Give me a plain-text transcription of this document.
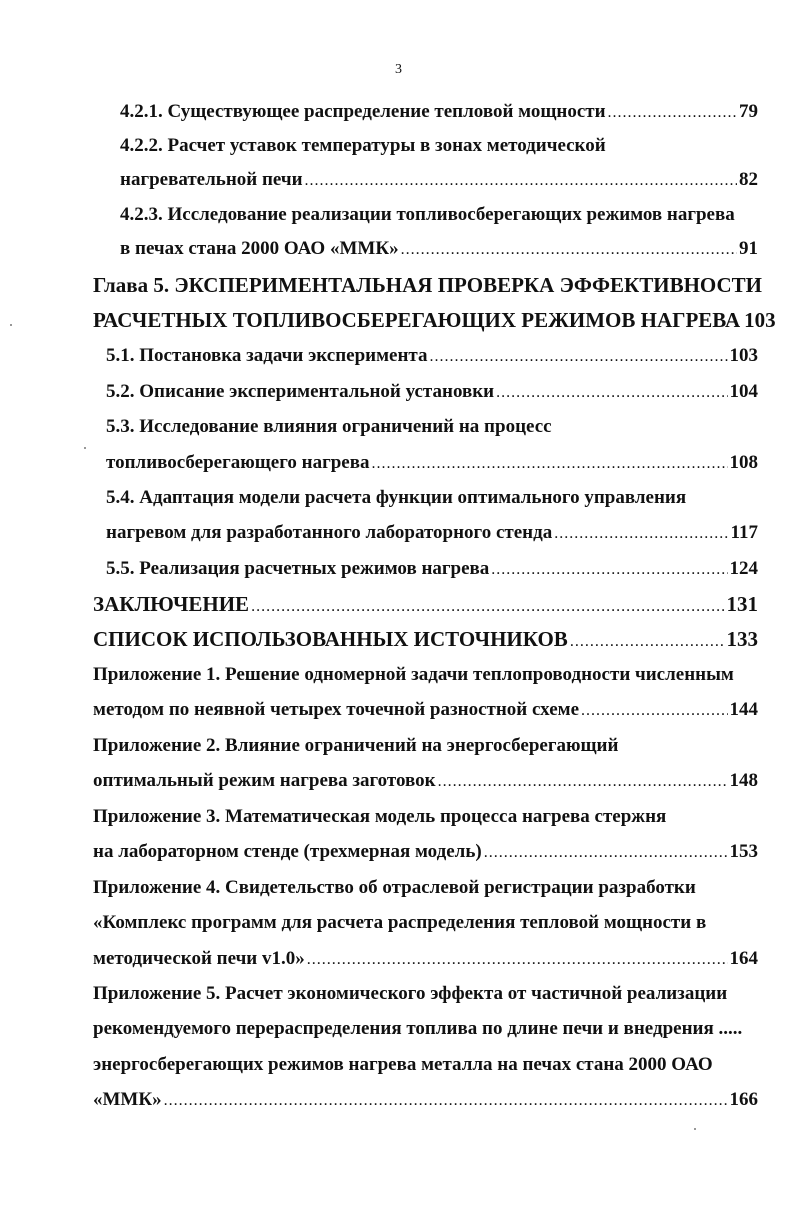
3
4.2.1. Существующее распределение тепловой мощности .....	79
4.2.2. Расчет уставок температуры в зонах методической
нагревательной печи .....	82
4.2.3. Исследование реализации топливосберегающих режимов нагрева
в печах стана 2000 ОАО «ММК» .....	91
Глава 5. ЭКСПЕРИМЕНТАЛЬНАЯ ПРОВЕРКА ЭФФЕКТИВНОСТИ
РАСЧЕТНЫХ ТОПЛИВОСБЕРЕГАЮЩИХ РЕЖИМОВ НАГРЕВА 103
5.1. Постановка задачи эксперимента .....	103
5.2. Описание экспериментальной установки .....	104
5.3. Исследование влияния ограничений на процесс
топливосберегающего нагрева .....	108
5.4. Адаптация модели расчета функции оптимального управления
нагревом для разработанного лабораторного стенда .....	117
5.5. Реализация расчетных режимов нагрева .....	124
ЗАКЛЮЧЕНИЕ .....	131
СПИСОК ИСПОЛЬЗОВАННЫХ ИСТОЧНИКОВ .....	133
Приложение 1. Решение одномерной задачи теплопроводности численным
методом по неявной четырех точечной разностной схеме .....	144
Приложение 2. Влияние ограничений на энергосберегающий
оптимальный режим нагрева заготовок .....	148
Приложение 3. Математическая модель процесса нагрева стержня
на лабораторном стенде (трехмерная модель) .....	153
Приложение 4. Свидетельство об отраслевой регистрации разработки
«Комплекс программ для расчета распределения тепловой мощности в
методической печи v1.0» .....	164
Приложение 5. Расчет экономического эффекта от частичной реализации
рекомендуемого перераспределения топлива по длине печи и внедрения .....
энергосберегающих режимов нагрева металла на печах стана 2000 ОАО
«ММК» .....	166
